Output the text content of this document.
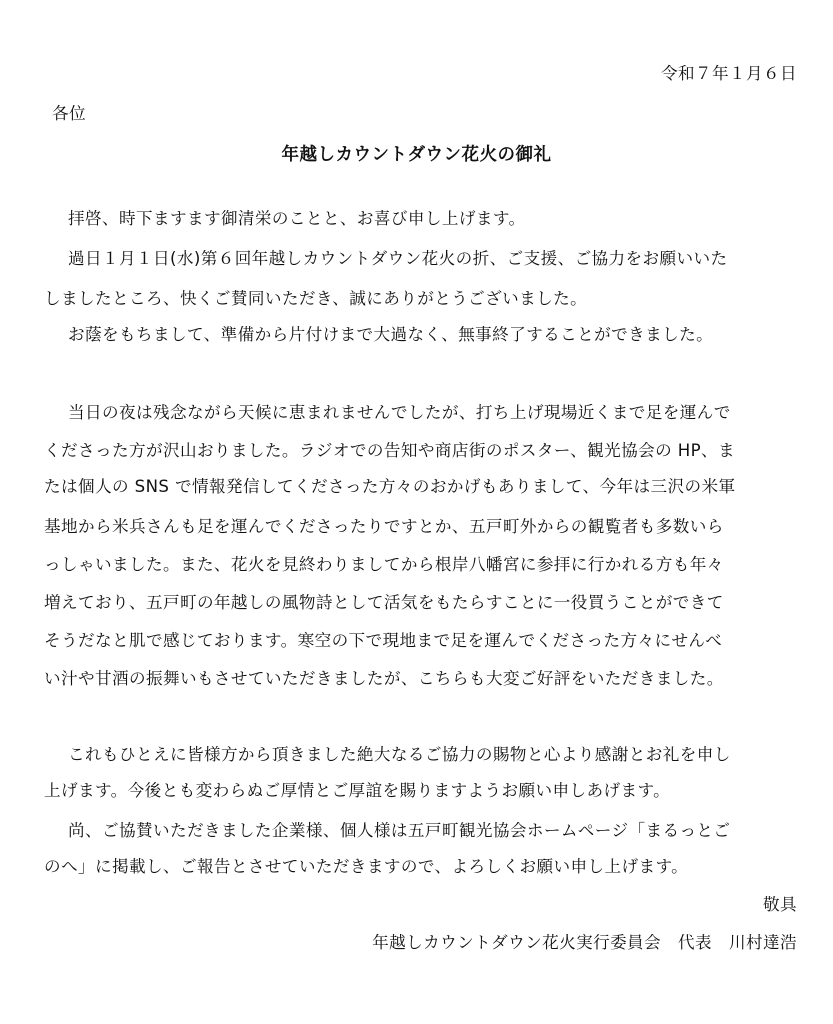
令和７年１月６日
各位
年越しカウントダウン花火の御礼
拝啓、時下ますます御清栄のことと、お喜び申し上げます。
過日１月１日(水)第６回年越しカウントダウン花火の折、ご支援、ご協力をお願いいた
しましたところ、快くご賛同いただき、誠にありがとうございました。
お蔭をもちまして、準備から片付けまで大過なく、無事終了することができました。
当日の夜は残念ながら天候に恵まれませんでしたが、打ち上げ現場近くまで足を運んで
くださった方が沢山おりました。ラジオでの告知や商店街のポスター、観光協会の HP、ま
たは個人の SNS で情報発信してくださった方々のおかげもありまして、今年は三沢の米軍
基地から米兵さんも足を運んでくださったりですとか、五戸町外からの観覧者も多数いら
っしゃいました。また、花火を見終わりましてから根岸八幡宮に参拝に行かれる方も年々
増えており、五戸町の年越しの風物詩として活気をもたらすことに一役買うことができて
そうだなと肌で感じております。寒空の下で現地まで足を運んでくださった方々にせんべ
い汁や甘酒の振舞いもさせていただきましたが、こちらも大変ご好評をいただきました。
これもひとえに皆様方から頂きました絶大なるご協力の賜物と心より感謝とお礼を申し
上げます。今後とも変わらぬご厚情とご厚誼を賜りますようお願い申しあげます。
尚、ご協賛いただきました企業様、個人様は五戸町観光協会ホームページ「まるっとご
のへ」に掲載し、ご報告とさせていただきますので、よろしくお願い申し上げます。
敬具
年越しカウントダウン花火実行委員会　代表　川村達浩
